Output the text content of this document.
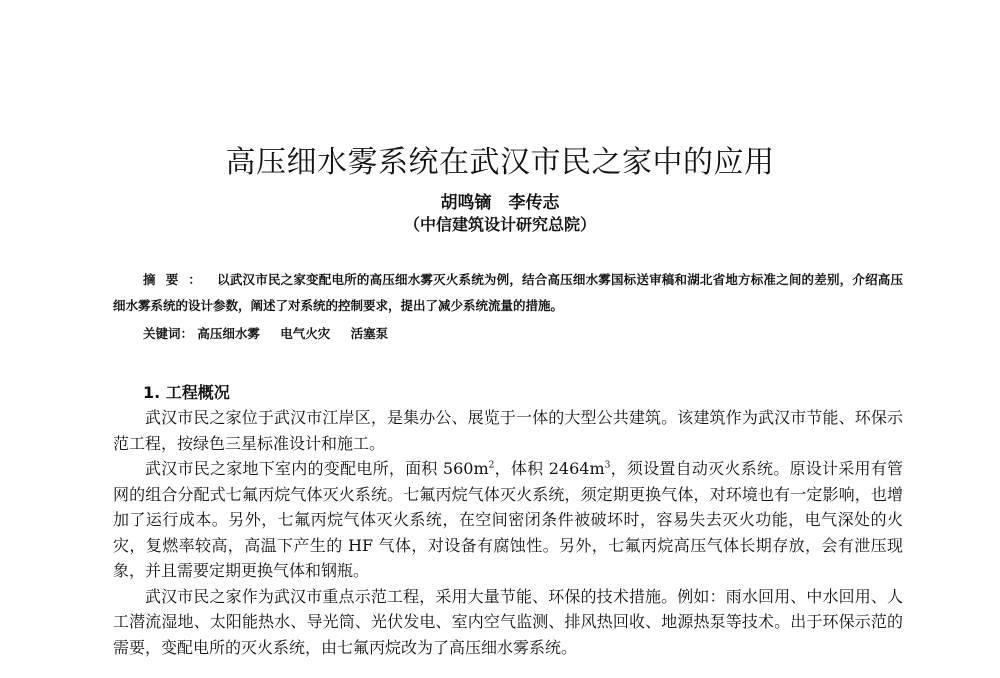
高压细水雾系统在武汉市民之家中的应用
胡鸣镝　李传志
（中信建筑设计研究总院）
摘要： 以武汉市民之家变配电所的高压细水雾灭火系统为例，结合高压细水雾国标送审稿和湖北省地方标准之间的差别，介绍高压细水雾系统的设计参数，阐述了对系统的控制要求，提出了减少系统流量的措施。
关键词： 高压细水雾 电气火灾 活塞泵
1. 工程概况

武汉市民之家位于武汉市江岸区，是集办公、展览于一体的大型公共建筑。该建筑作为武汉市节能、环保示范工程，按绿色三星标准设计和施工。

武汉市民之家地下室内的变配电所，面积 $560m^2$，体积 $2464m^3$，须设置自动灭火系统。原设计采用有管网的组合分配式七氟丙烷气体灭火系统。七氟丙烷气体灭火系统，须定期更换气体，对环境也有一定影响，也增加了运行成本。另外，七氟丙烷气体灭火系统，在空间密闭条件被破坏时，容易失去灭火功能，电气深处的火灾，复燃率较高，高温下产生的 HF 气体，对设备有腐蚀性。另外，七氟丙烷高压气体长期存放，会有泄压现象，并且需要定期更换气体和钢瓶。

武汉市民之家作为武汉市重点示范工程，采用大量节能、环保的技术措施。例如：雨水回用、中水回用、人工潜流湿地、太阳能热水、导光筒、光伏发电、室内空气监测、排风热回收、地源热泵等技术。出于环保示范的需要，变配电所的灭火系统，由七氟丙烷改为了高压细水雾系统。
